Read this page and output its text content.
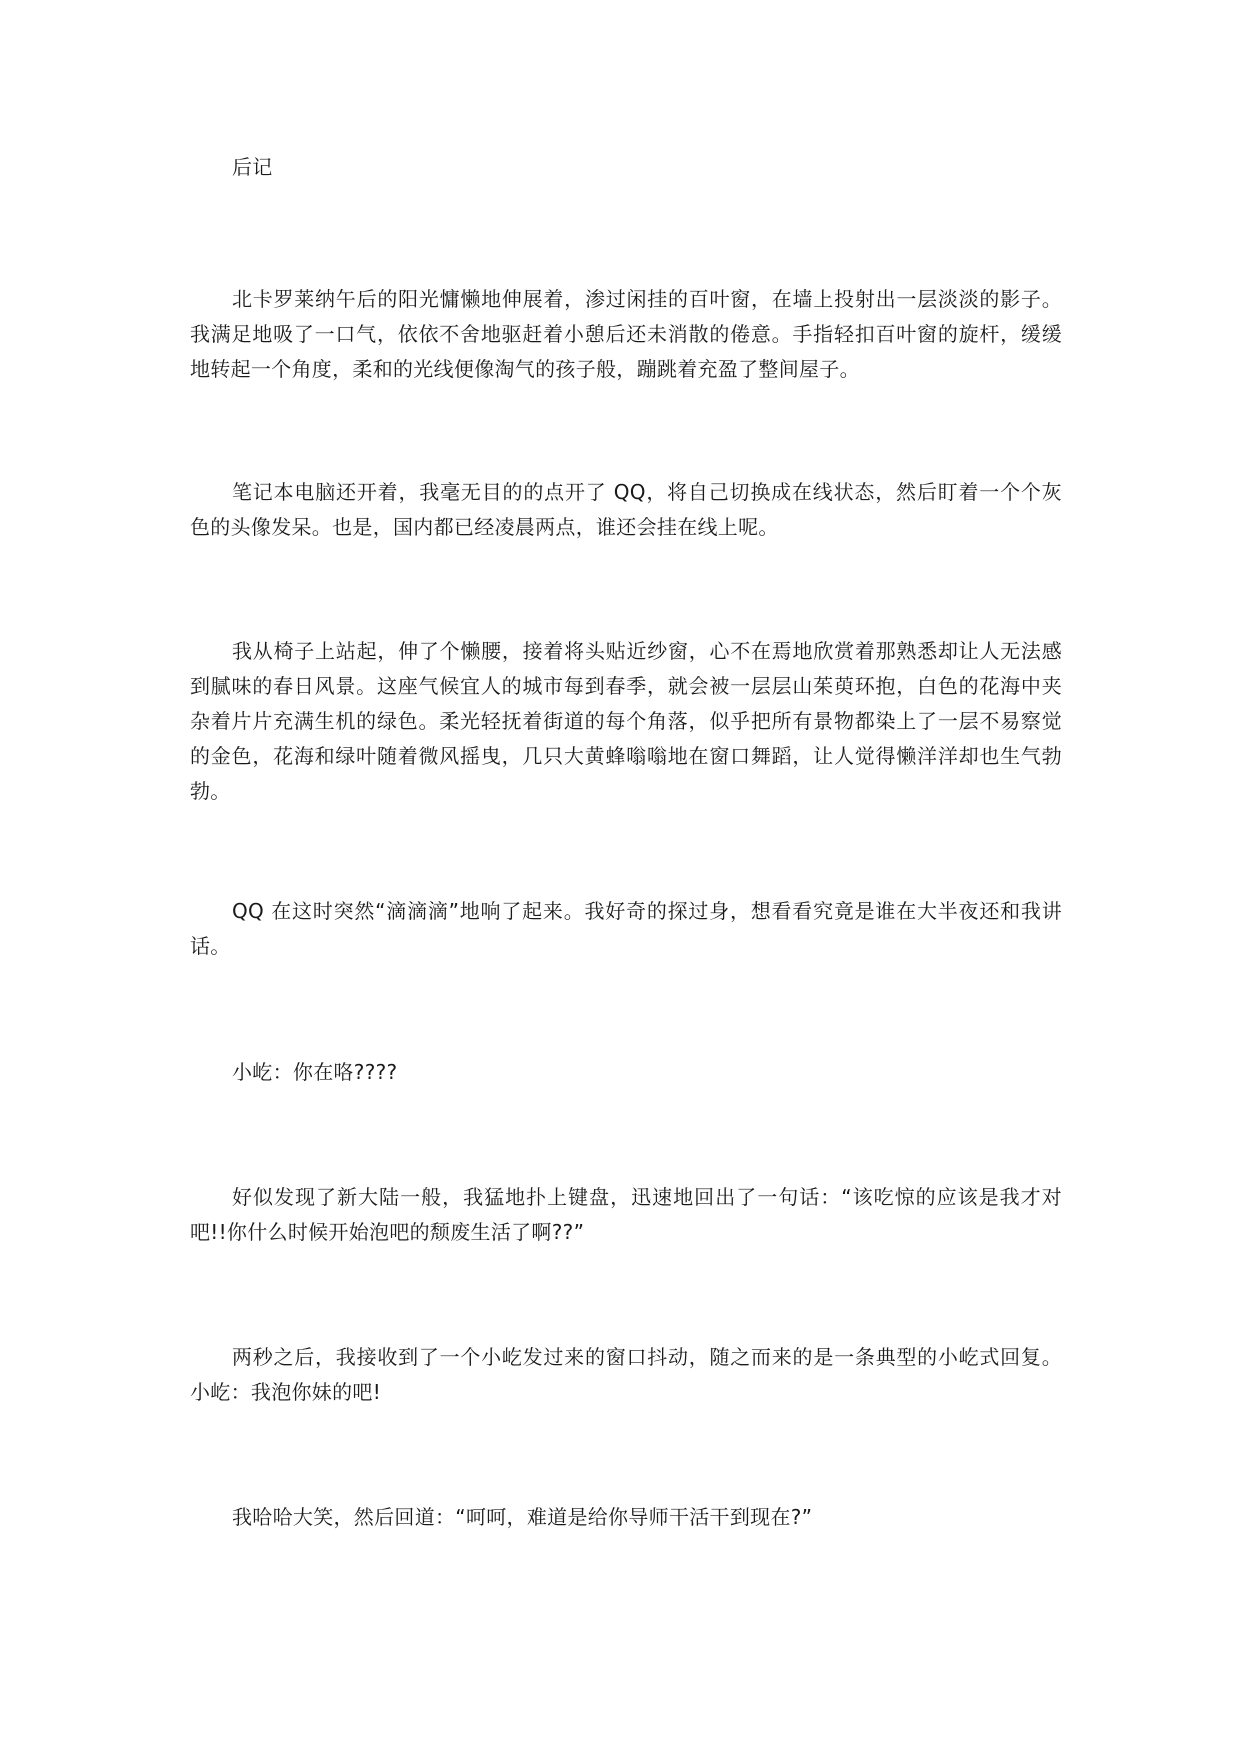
后记

北卡罗莱纳午后的阳光慵懒地伸展着，渗过闲挂的百叶窗，在墙上投射出一层淡淡的影子。我满足地吸了一口气，依依不舍地驱赶着小憩后还未消散的倦意。手指轻扣百叶窗的旋杆，缓缓地转起一个角度，柔和的光线便像淘气的孩子般，蹦跳着充盈了整间屋子。

笔记本电脑还开着，我毫无目的的点开了 QQ，将自己切换成在线状态，然后盯着一个个灰色的头像发呆。也是，国内都已经凌晨两点，谁还会挂在线上呢。

我从椅子上站起，伸了个懒腰，接着将头贴近纱窗，心不在焉地欣赏着那熟悉却让人无法感到腻味的春日风景。这座气候宜人的城市每到春季，就会被一层层山茱萸环抱，白色的花海中夹杂着片片充满生机的绿色。柔光轻抚着街道的每个角落，似乎把所有景物都染上了一层不易察觉的金色，花海和绿叶随着微风摇曳，几只大黄蜂嗡嗡地在窗口舞蹈，让人觉得懒洋洋却也生气勃勃。

QQ 在这时突然“滴滴滴”地响了起来。我好奇的探过身，想看看究竟是谁在大半夜还和我讲话。

小屹：你在咯????

好似发现了新大陆一般，我猛地扑上键盘，迅速地回出了一句话：“该吃惊的应该是我才对吧!!你什么时候开始泡吧的颓废生活了啊??”

两秒之后，我接收到了一个小屹发过来的窗口抖动，随之而来的是一条典型的小屹式回复。小屹：我泡你妹的吧!

我哈哈大笑，然后回道：“呵呵，难道是给你导师干活干到现在?”
